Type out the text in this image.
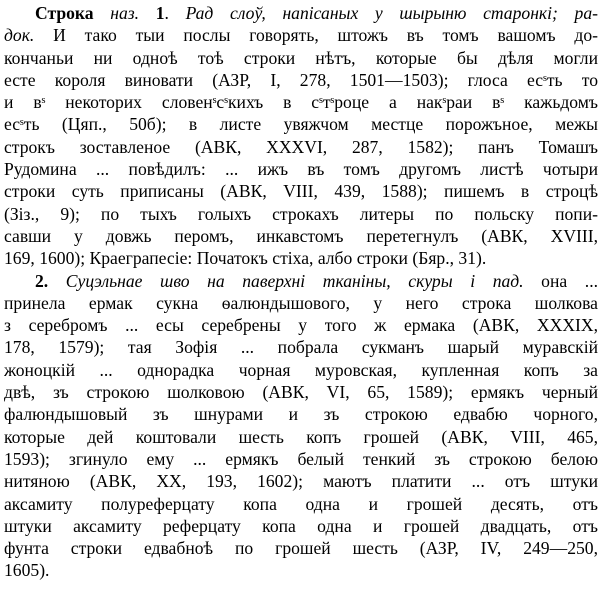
Строка наз. 1. Рад слоў, напісаных у шырыню старонкі; ра-
док. И тако тыи послы говорять, штожъ въ томъ вашомъ до-
кончаньи ни одноѣ тоѣ строки нѣтъ, которые бы дѣля могли
есте короля виновати (АЗР, I, 278, 1501—1503); глоса есˢть то
и вˢ некоторих словенˢсˢкихъ в сˢтˢроце а накˢраи вˢ кажьдомъ
есˢть (Цяп., 50б); в листе увяжчом местце порожъное, межы
строкъ зоставленое (АВК, XXXVI, 287, 1582); панъ Томашъ
Рудомина ... повѣдилъ: ... ижъ въ томъ другомъ листѣ чотыри
строки суть приписаны (АВК, VIII, 439, 1588); пишемъ в строцѣ
(Зіз., 9); по тыхъ голыхъ строкахъ литеры по польску попи-
савши у довжь перомъ, инкавстомъ перетегнулъ (АВК, XVIII,
169, 1600); Краеграпесіе: Початокъ стіха, албо строки (Бяр., 31).
2. Суцэльнае шво на паверхні тканіны, скуры і пад. она ...
принела ермак сукна ѳалюндышового, у него строка шолкова
з серебромъ ... есы серебрены у того ж ермака (АВК, XXXIX,
178, 1579); тая Зофія ... побрала сукманъ шарый муравскій
жоноцкій ... однорадка чорная муровская, купленная копъ за
двѣ, зъ строкою шолковою (АВК, VI, 65, 1589); ермякъ черный
фалюндышовый зъ шнурами и зъ строкою едвабю чорного,
которые дей коштовали шесть копъ грошей (АВК, VIII, 465,
1593); згинуло ему ... ермякъ белый тенкий зъ строкою белою
нитяною (АВК, XX, 193, 1602); маютъ платити ... отъ штуки
аксамиту полуреферцату копа одна и грошей десять, отъ
штуки аксамиту реферцату копа одна и грошей двадцать, отъ
фунта строки едвабноѣ по грошей шесть (АЗР, IV, 249—250,
1605).
